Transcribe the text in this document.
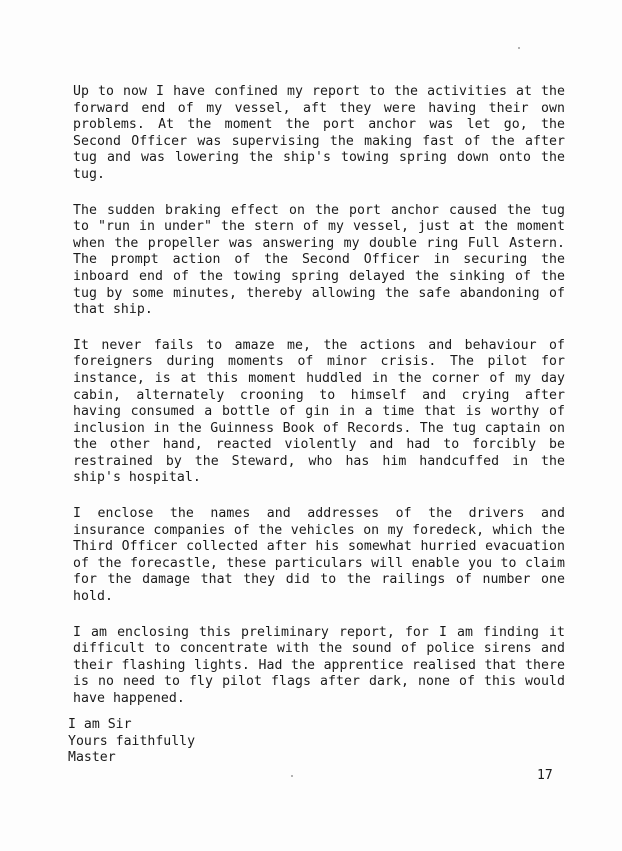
Up to now I have confined my report to the activities at the forward end of my vessel, aft they were having their own problems. At the moment the port anchor was let go, the Second Officer was supervising the making fast of the after tug and was lowering the ship's towing spring down onto the tug.

The sudden braking effect on the port anchor caused the tug to "run in under" the stern of my vessel, just at the moment when the propeller was answering my double ring Full Astern. The prompt action of the Second Officer in securing the inboard end of the towing spring delayed the sinking of the tug by some minutes, thereby allowing the safe abandoning of that ship.

It never fails to amaze me, the actions and behaviour of foreigners during moments of minor crisis. The pilot for instance, is at this moment huddled in the corner of my day cabin, alternately crooning to himself and crying after having consumed a bottle of gin in a time that is worthy of inclusion in the Guinness Book of Records. The tug captain on the other hand, reacted violently and had to forcibly be restrained by the Steward, who has him handcuffed in the ship's hospital.

I enclose the names and addresses of the drivers and insurance companies of the vehicles on my foredeck, which the Third Officer collected after his somewhat hurried evacuation of the forecastle, these particulars will enable you to claim for the damage that they did to the railings of number one hold.

I am enclosing this preliminary report, for I am finding it difficult to concentrate with the sound of police sirens and their flashing lights. Had the apprentice realised that there is no need to fly pilot flags after dark, none of this would have happened.

I am Sir
Yours faithfully
Master
17
